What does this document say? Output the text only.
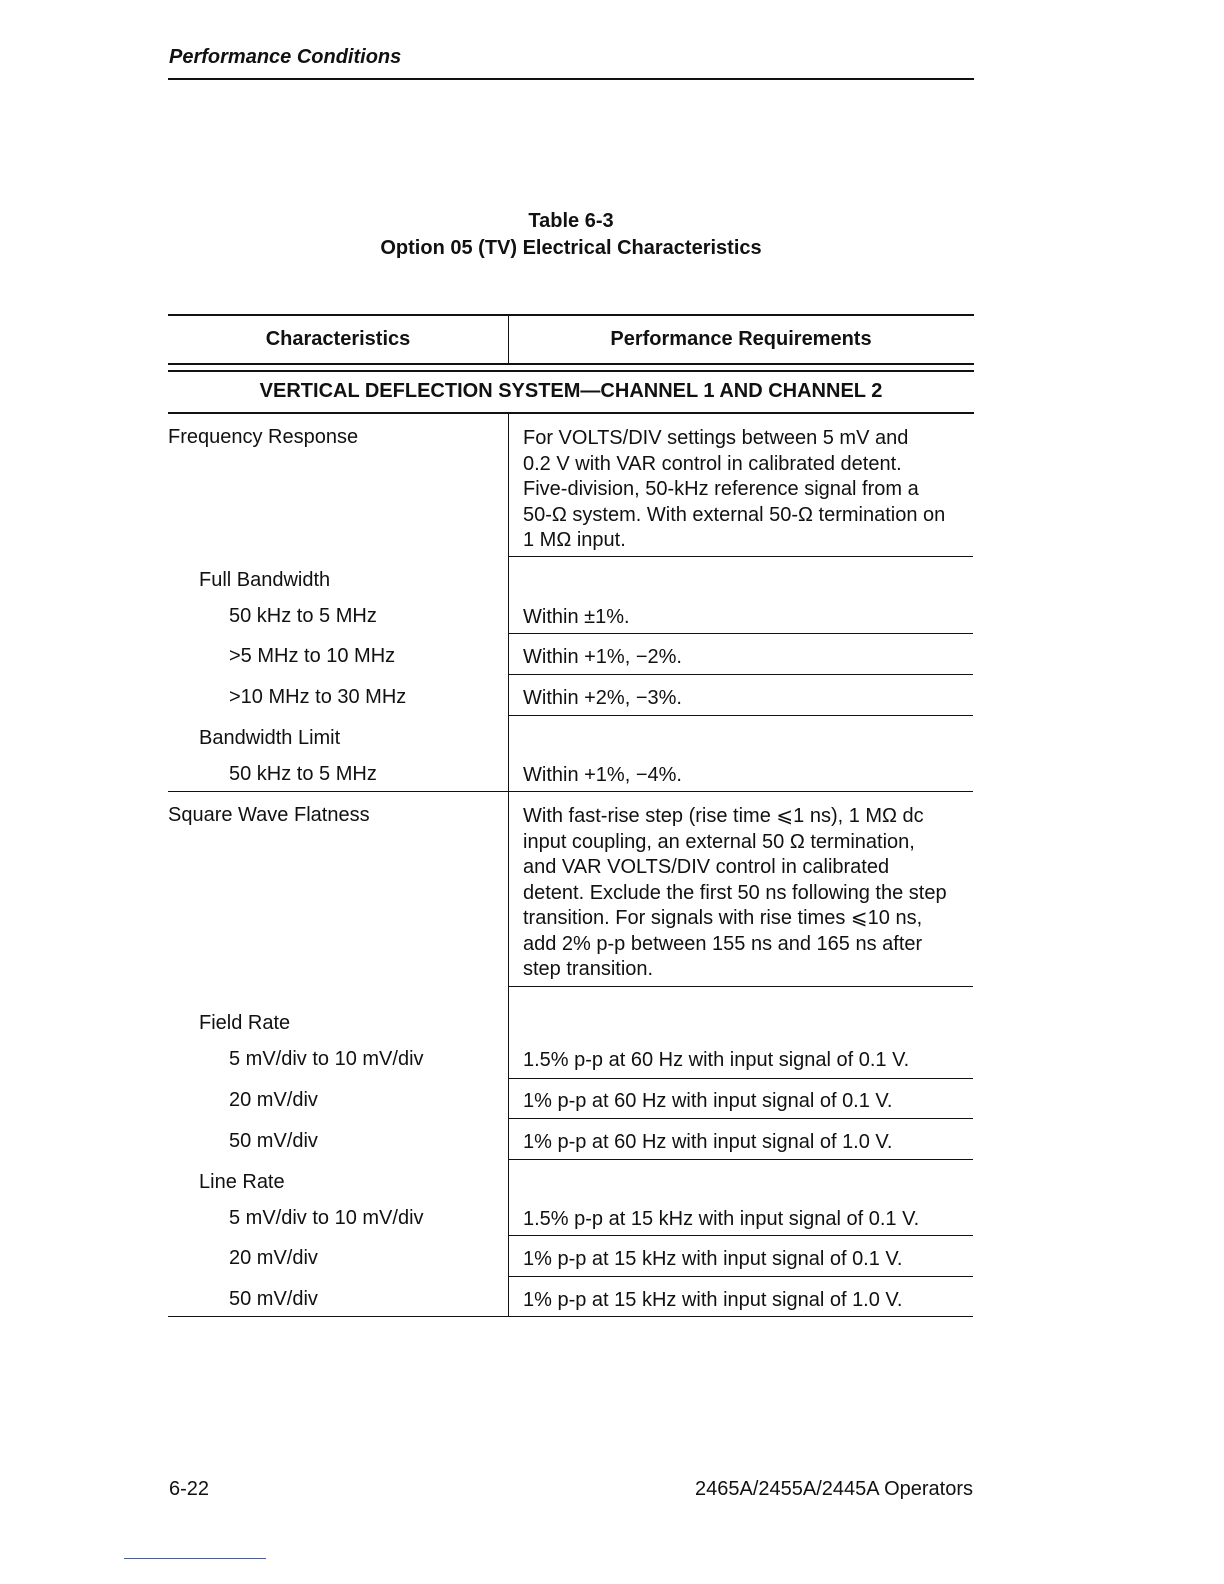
Performance Conditions
Table 6-3
Option 05 (TV) Electrical Characteristics
Characteristics	Performance Requirements
VERTICAL DEFLECTION SYSTEM—CHANNEL 1 AND CHANNEL 2
Frequency Response	For VOLTS/DIV settings between 5 mV and
0.2 V with VAR control in calibrated detent.
Five-division, 50-kHz reference signal from a
50-Ω system. With external 50-Ω termination on
1 MΩ input.
Full Bandwidth
50 kHz to 5 MHz	Within ±1%.
>5 MHz to 10 MHz	Within +1%, −2%.
>10 MHz to 30 MHz	Within +2%, −3%.
Bandwidth Limit
50 kHz to 5 MHz	Within +1%, −4%.
Square Wave Flatness	With fast-rise step (rise time ⩽1 ns), 1 MΩ dc
input coupling, an external 50 Ω termination,
and VAR VOLTS/DIV control in calibrated
detent. Exclude the first 50 ns following the step
transition. For signals with rise times ⩽10 ns,
add 2% p-p between 155 ns and 165 ns after
step transition.
Field Rate
5 mV/div to 10 mV/div	1.5% p-p at 60 Hz with input signal of 0.1 V.
20 mV/div	1% p-p at 60 Hz with input signal of 0.1 V.
50 mV/div	1% p-p at 60 Hz with input signal of 1.0 V.
Line Rate
5 mV/div to 10 mV/div	1.5% p-p at 15 kHz with input signal of 0.1 V.
20 mV/div	1% p-p at 15 kHz with input signal of 0.1 V.
50 mV/div	1% p-p at 15 kHz with input signal of 1.0 V.
6-22	2465A/2455A/2445A Operators
